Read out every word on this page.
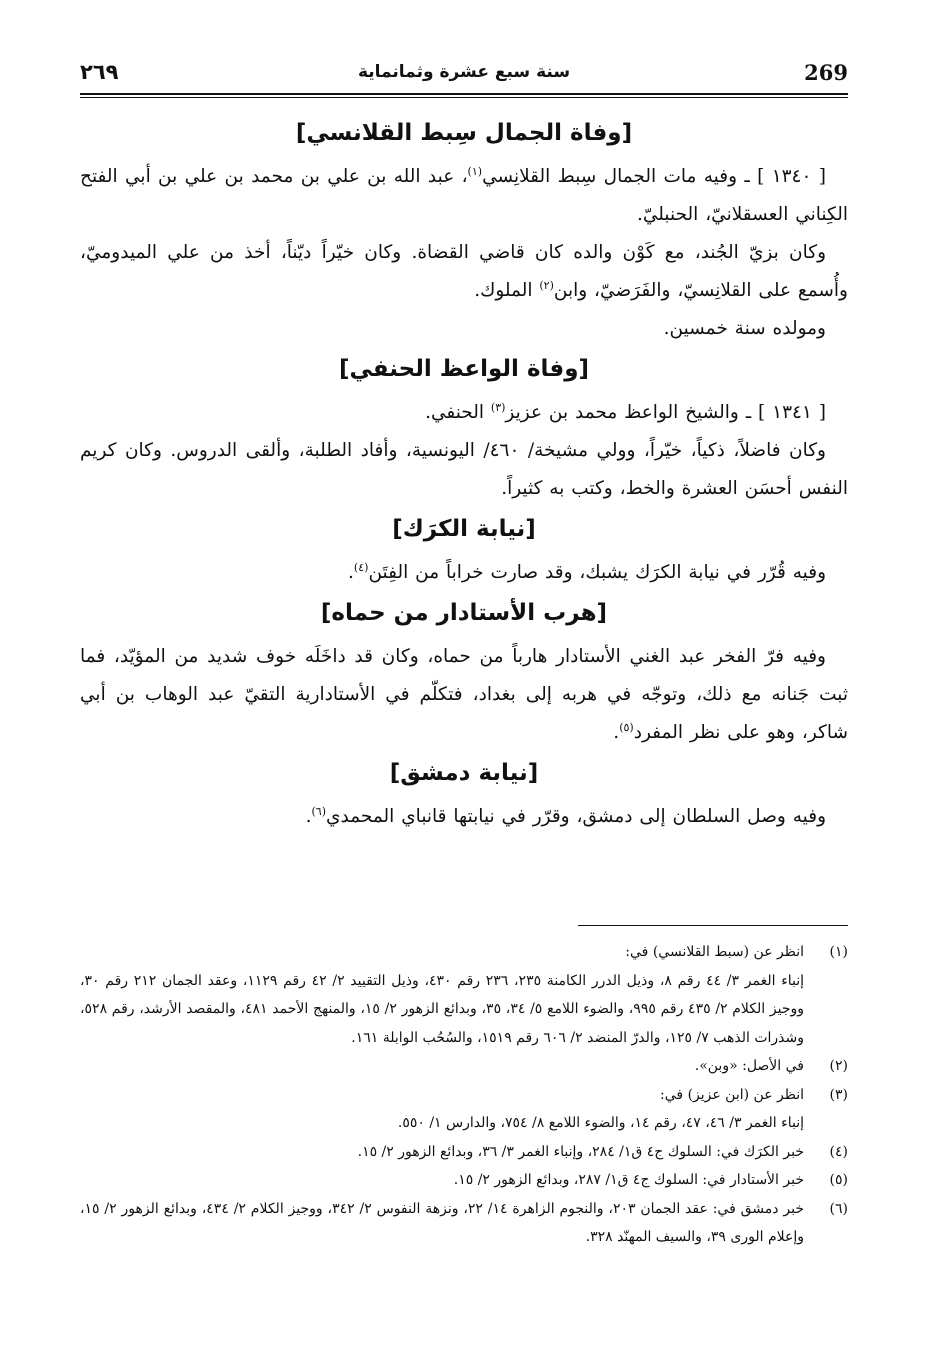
٢٦٩	سنة سبع عشرة وثمانماية	269
[وفاة الجمال سِبط القلانسي]

[ ١٣٤٠ ] ـ وفيه مات الجمال سِبط القلانِسي$^{(١)}$، عبد الله بن علي بن محمد بن علي بن أبي الفتح الكِناني العسقلانيّ، الحنبليّ.

وكان بزيّ الجُند، مع كَوْن والده كان قاضي القضاة. وكان خيّراً ديّناً، أخذ من علي الميدوميّ، وأُسمع على القلانِسيّ، والفَرَضيّ، وابن$^{(٢)}$ الملوك.

ومولده سنة خمسين.

[وفاة الواعظ الحنفي]

[ ١٣٤١ ] ـ والشيخ الواعظ محمد بن عزيز$^{(٣)}$ الحنفي.

وكان فاضلاً، ذكياً، خيّراً، وولي مشيخة/ ٤٦٠/ اليونسية، وأفاد الطلبة، وألقى الدروس. وكان كريم النفس أحسَن العشرة والخط، وكتب به كثيراً.

[نيابة الكرَك]

وفيه قُرّر في نيابة الكرَك يشبك، وقد صارت خراباً من الفِتَن$^{(٤)}$.

[هرب الأستادار من حماه]

وفيه فرّ الفخر عبد الغني الأستادار هارباً من حماه، وكان قد داخَلَه خوف شديد من المؤيّد، فما ثبت جَنانه مع ذلك، وتوجّه في هربه إلى بغداد، فتكلّم في الأستادارية التقيّ عبد الوهاب بن أبي شاكر، وهو على نظر المفرد$^{(٥)}$.

[نيابة دمشق]

وفيه وصل السلطان إلى دمشق، وقرّر في نيابتها قانباي المحمدي$^{(٦)}$.

(١)
انظر عن (سبط القلانسي) في:
إنباء الغمر ٣/ ٤٤ رقم ٨، وذيل الدرر الكامنة ٢٣٥، ٢٣٦ رقم ٤٣٠، وذيل التقييد ٢/ ٤٢ رقم ١١٢٩، وعقد الجمان ٢١٢ رقم ٣٠، ووجيز الكلام ٢/ ٤٣٥ رقم ٩٩٥، والضوء اللامع ٥/ ٣٤، ٣٥، وبدائع الزهور ٢/ ١٥، والمنهج الأحمد ٤٨١، والمقصد الأرشد، رقم ٥٢٨، وشذرات الذهب ٧/ ١٢٥، والدرّ المنضد ٢/ ٦٠٦ رقم ١٥١٩، والسُحُب الوابلة ١٦١.
(٢)
في الأصل: «وبن».
(٣)
انظر عن (ابن عزيز) في:
إنباء الغمر ٣/ ٤٦، ٤٧، رقم ١٤، والضوء اللامع ٨/ ٧٥٤، والدارس ١/ ٥٥٠.
(٤)
خبر الكرَك في: السلوك ج٤ ق١/ ٢٨٤، وإنباء الغمر ٣/ ٣٦، وبدائع الزهور ٢/ ١٥.
(٥)
خبر الأستادار في: السلوك ج٤ ق١/ ٢٨٧، وبدائع الزهور ٢/ ١٥.
(٦)
خبر دمشق في: عقد الجمان ٢٠٣، والنجوم الزاهرة ١٤/ ٢٢، ونزهة النفوس ٢/ ٣٤٢، ووجيز الكلام ٢/ ٤٣٤، وبدائع الزهور ٢/ ١٥، وإعلام الورى ٣٩، والسيف المهنّد ٣٢٨.
